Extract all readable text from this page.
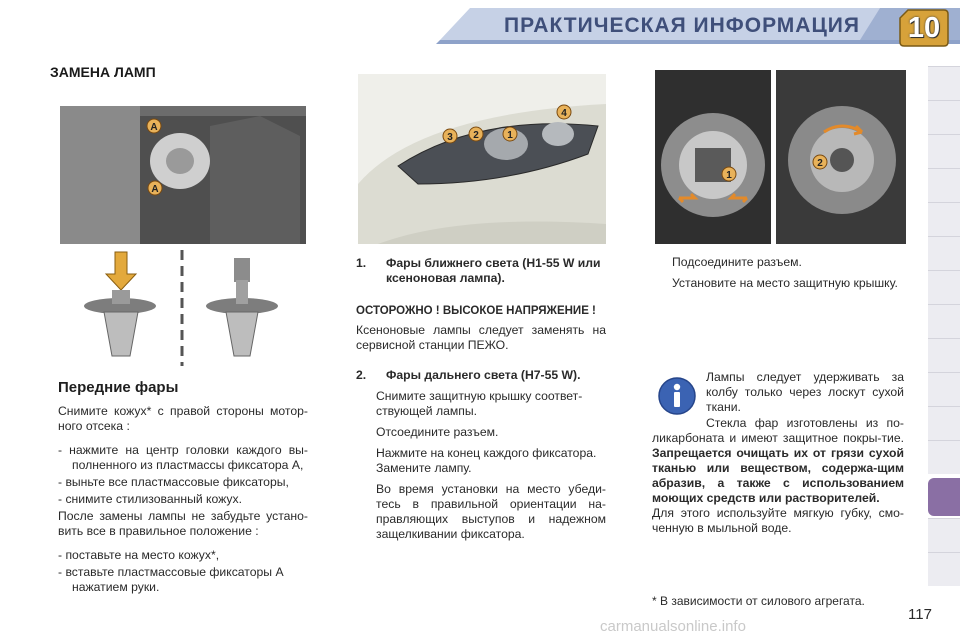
ПРАКТИЧЕСКАЯ ИНФОРМАЦИЯ	10
ЗАМЕНА ЛАМП
A
A
Передние фары

Снимите кожух* с правой стороны мотор-ного отсека :

- нажмите на центр головки каждого вы-полненного из пластмассы фиксатора A,

- выньте все пластмассовые фиксаторы,

- снимите стилизованный кожух.

После замены лампы не забудьте устано-вить все в правильное положение :

- поставьте на место кожух*,

- вставьте пластмассовые фиксаторы A нажатием руки.

3 2	1
4
1. Фары ближнего света (H1-55 W или ксеноновая лампа).

ОСТОРОЖНО ! ВЫСОКОЕ НАПРЯЖЕНИЕ !

Ксеноновые лампы следует заменять на сервисной станции ПЕЖО.

2. Фары дальнего света (H7-55 W).

Снимите защитную крышку соответ-ствующей лампы.

Отсоедините разъем.

Нажмите на конец каждого фиксатора. Замените лампу.

Во время установки на место убеди-тесь в правильной ориентации на-правляющих выступов и надежном защелкивании фиксатора.

1
2

Подсоедините разъем.

Установите на место защитную крышку.

Лампы следует удерживать за колбу только через лоскут сухой ткани.

Стекла фар изготовлены из по-ликарбоната и имеют защитное покры-тие. Запрещается очищать их от грязи сухой тканью или веществом, содержа-щим абразив, а также с использованием моющих средств или растворителей.

Для этого используйте мягкую губку, смо-ченную в мыльной воде.

* В зависимости от силового агрегата.
117
carmanualsonline.info
